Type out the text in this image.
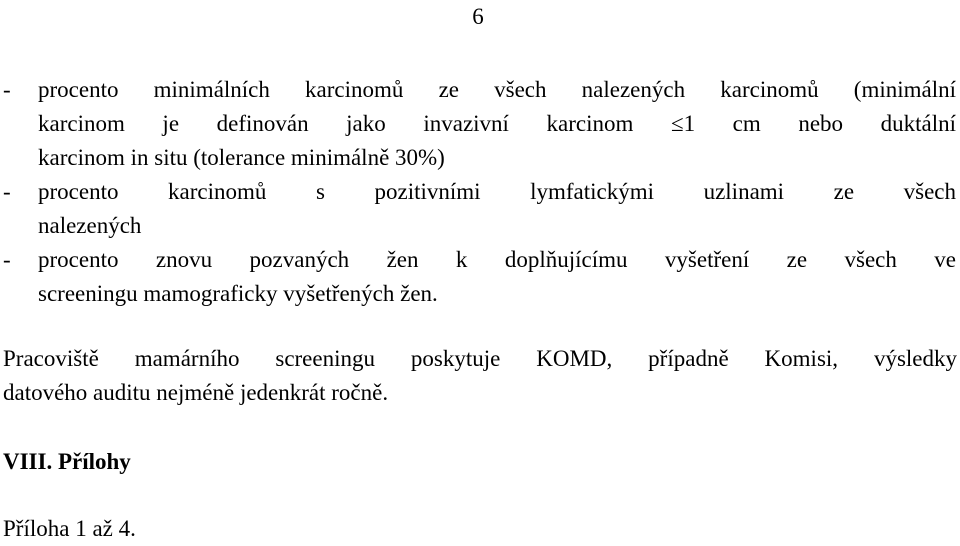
6
- procento minimálních karcinomů ze všech nalezených karcinomů (minimální
karcinom je definován jako invazivní karcinom ≤1 cm nebo duktální
karcinom in situ (tolerance minimálně 30%)
- procento karcinomů s pozitivními lymfatickými uzlinami ze všech
nalezených
- procento znovu pozvaných žen k doplňujícímu vyšetření ze všech ve
screeningu mamograficky vyšetřených žen.
Pracoviště mamárního screeningu poskytuje KOMD, případně Komisi, výsledky
datového auditu nejméně jedenkrát ročně.
VIII. Přílohy
Příloha 1 až 4.
